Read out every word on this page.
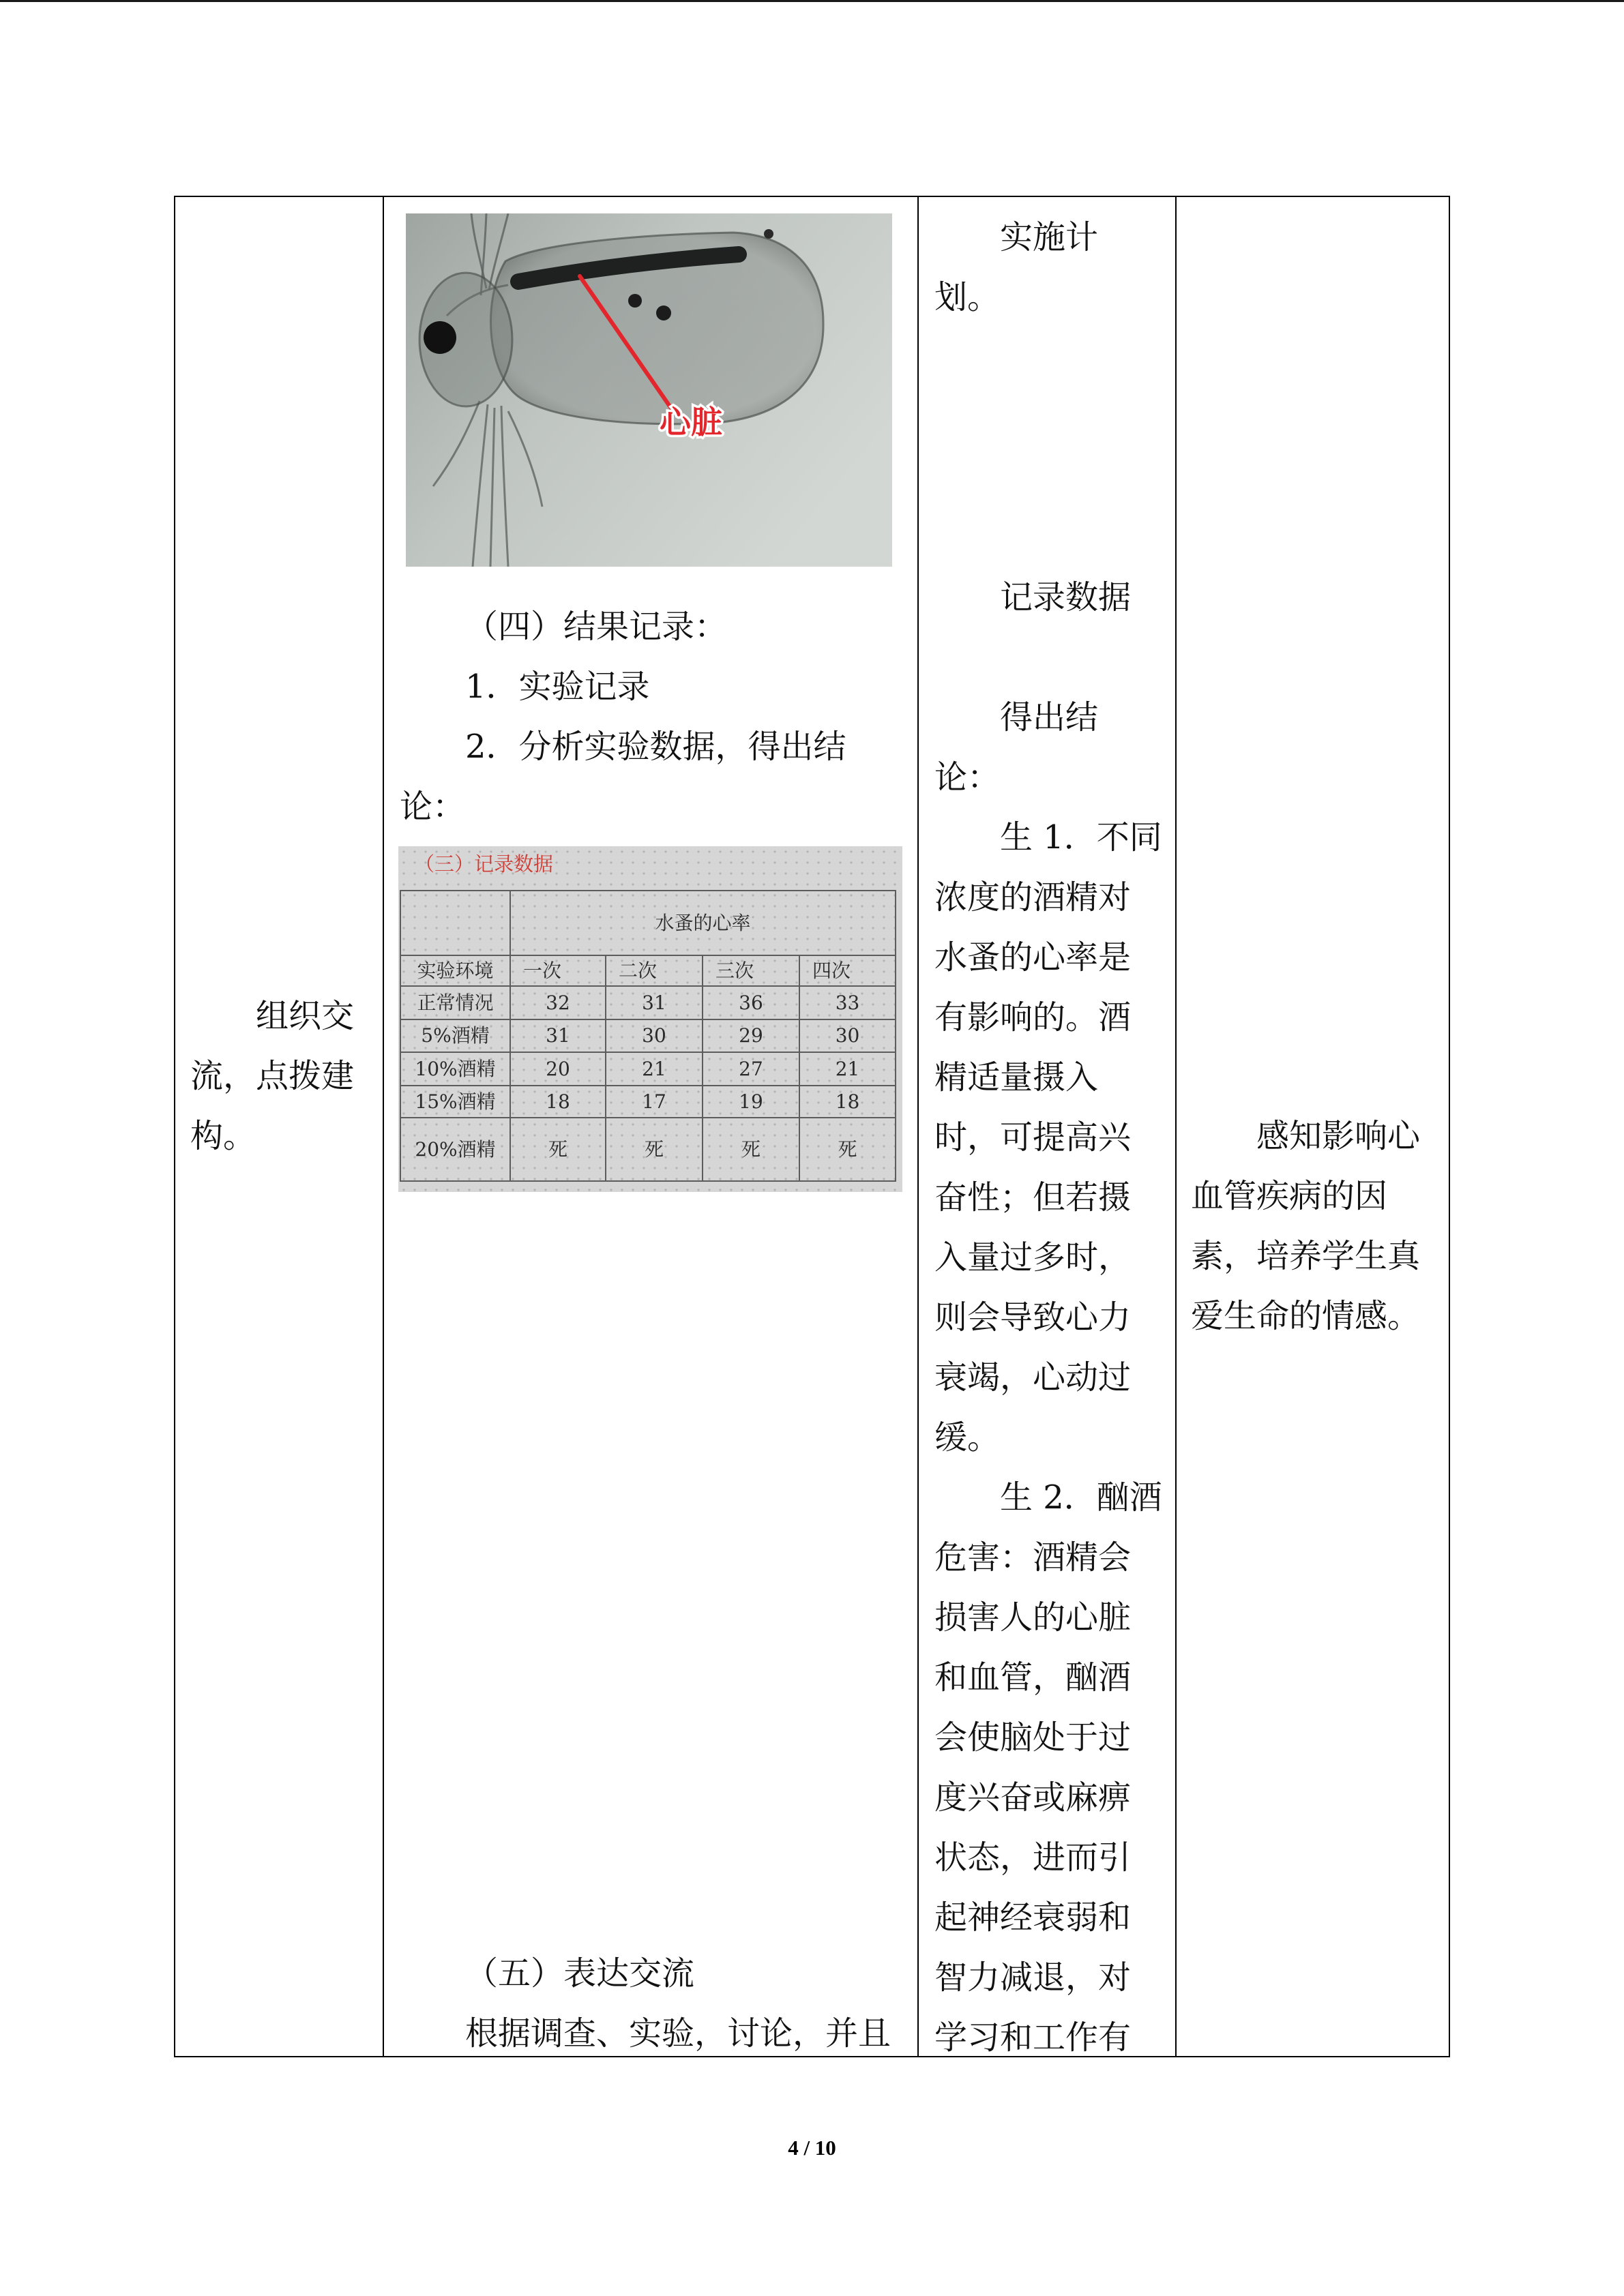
组织交
流，点拨建
构。
心脏
（四）结果记录：
1．实验记录
2．分析实验数据，得出结
论：
（三）记录数据
	水蚤的心率			
实验环境	一次	二次	三次	四次
正常情况	32	31	36	33
5%酒精	31	30	29	30
10%酒精	20	21	27	21
15%酒精	18	17	19	18
20%酒精	死	死	死	死
（五）表达交流
根据调查、实验，讨论，并且
实施计
划。
记录数据
得出结
论：
生 1．不同
浓度的酒精对
水蚤的心率是
有影响的。酒
精适量摄入
时，可提高兴
奋性；但若摄
入量过多时，
则会导致心力
衰竭，心动过
缓。
生 2．酗酒
危害：酒精会
损害人的心脏
和血管，酗酒
会使脑处于过
度兴奋或麻痹
状态，进而引
起神经衰弱和
智力减退，对
学习和工作有
感知影响心
血管疾病的因
素，培养学生真
爱生命的情感。
4 / 10
